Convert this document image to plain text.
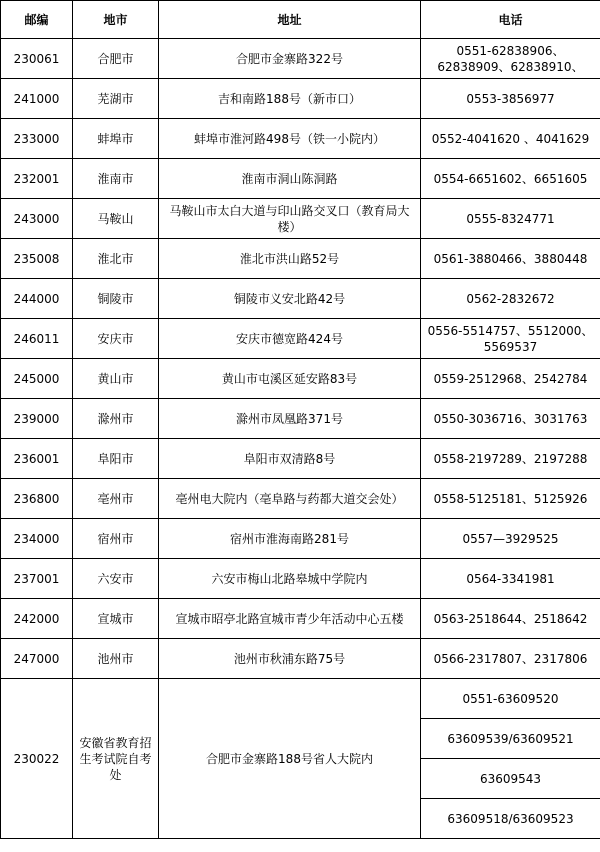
邮编	地市	地址	电话
230061	合肥市	合肥市金寨路322号	0551-62838906、62838909、62838910、
241000	芜湖市	吉和南路188号（新市口）	0553-3856977
233000	蚌埠市	蚌埠市淮河路498号（铁一小院内）	0552-4041620 、4041629
232001	淮南市	淮南市洞山陈洞路	0554-6651602、6651605
243000	马鞍山	马鞍山市太白大道与印山路交叉口（教育局大楼）	0555-8324771
235008	淮北市	淮北市洪山路52号	0561-3880466、3880448
244000	铜陵市	铜陵市义安北路42号	0562-2832672
246011	安庆市	安庆市德宽路424号	0556-5514757、5512000、5569537
245000	黄山市	黄山市屯溪区延安路83号	0559-2512968、2542784
239000	滁州市	滁州市凤凰路371号	0550-3036716、3031763
236001	阜阳市	阜阳市双清路8号	0558-2197289、2197288
236800	亳州市	亳州电大院内（亳阜路与药都大道交会处）	0558-5125181、5125926
234000	宿州市	宿州市淮海南路281号	0557—3929525
237001	六安市	六安市梅山北路皋城中学院内	0564-3341981
242000	宣城市	宣城市昭亭北路宣城市青少年活动中心五楼	0563-2518644、2518642
247000	池州市	池州市秋浦东路75号	0566-2317807、2317806
230022	安徽省教育招生考试院自考处	合肥市金寨路188号省人大院内	0551-63609520
			63609539/63609521
			63609543
			63609518/63609523
